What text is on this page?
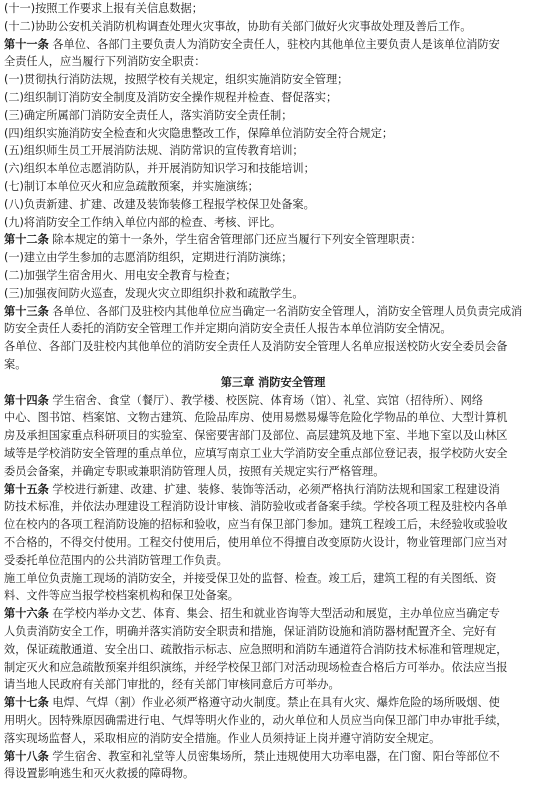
(十一)按照工作要求上报有关信息数据；
(十二)协助公安机关消防机构调查处理火灾事故，协助有关部门做好火灾事故处理及善后工作。
第十一条 各单位、各部门主要负责人为消防安全责任人，驻校内其他单位主要负责人是该单位消防安
全责任人，应当履行下列消防安全职责：
(一)贯彻执行消防法规，按照学校有关规定，组织实施消防安全管理；
(二)组织制订消防安全制度及消防安全操作规程并检查、督促落实；
(三)确定所属部门消防安全责任人，落实消防安全责任制；
(四)组织实施消防安全检查和火灾隐患整改工作，保障单位消防安全符合规定；
(五)组织师生员工开展消防法规、消防常识的宣传教育培训；
(六)组织本单位志愿消防队，并开展消防知识学习和技能培训；
(七)制订本单位灭火和应急疏散预案，并实施演练；
(八)负责新建、扩建、改建及装饰装修工程报学校保卫处备案。
(九)将消防安全工作纳入单位内部的检查、考核、评比。
第十二条 除本规定的第十一条外，学生宿舍管理部门还应当履行下列安全管理职责：
(一)建立由学生参加的志愿消防组织，定期进行消防演练；
(二)加强学生宿舍用火、用电安全教育与检查；
(三)加强夜间防火巡查，发现火灾立即组织扑救和疏散学生。
第十三条 各单位、各部门及驻校内其他单位应当确定一名消防安全管理人，消防安全管理人员负责完成消
防安全责任人委托的消防安全管理工作并定期向消防安全责任人报告本单位消防安全情况。
各单位、各部门及驻校内其他单位的消防安全责任人及消防安全管理人名单应报送校防火安全委员会备
案。
第三章 消防安全管理
第十四条 学生宿舍、食堂（餐厅）、教学楼、校医院、体育场（馆）、礼堂、宾馆（招待所）、网络
中心、图书馆、档案馆、文物古建筑、危险品库房、使用易燃易爆等危险化学物品的单位、大型计算机
房及承担国家重点科研项目的实验室、保密要害部门及部位、高层建筑及地下室、半地下室以及山林区
域等是学校消防安全管理的重点单位，应填写南京工业大学消防安全重点部位登记表，报学校防火安全
委员会备案，并确定专职或兼职消防管理人员，按照有关规定实行严格管理。
第十五条 学校进行新建、改建、扩建、装修、装饰等活动，必须严格执行消防法规和国家工程建设消
防技术标准，并依法办理建设工程消防设计审核、消防验收或者备案手续。学校各项工程及驻校内各单
位在校内的各项工程消防设施的招标和验收，应当有保卫部门参加。建筑工程竣工后，未经验收或验收
不合格的，不得交付使用。工程交付使用后，使用单位不得擅自改变原防火设计，物业管理部门应当对
受委托单位范围内的公共消防管理工作负责。
施工单位负责施工现场的消防安全，并接受保卫处的监督、检查。竣工后，建筑工程的有关图纸、资
料、文件等应当报学校档案机构和保卫处备案。
第十六条 在学校内举办文艺、体育、集会、招生和就业咨询等大型活动和展览，主办单位应当确定专
人负责消防安全工作，明确并落实消防安全职责和措施，保证消防设施和消防器材配置齐全、完好有
效，保证疏散通道、安全出口、疏散指示标志、应急照明和消防车通道符合消防技术标准和管理规定，
制定灭火和应急疏散预案并组织演练，并经学校保卫部门对活动现场检查合格后方可举办。依法应当报
请当地人民政府有关部门审批的，经有关部门审核同意后方可举办。
第十七条 电焊、气焊（割）作业必须严格遵守动火制度。禁止在具有火灾、爆炸危险的场所吸烟、使
用明火。因特殊原因确需进行电、气焊等明火作业的，动火单位和人员应当向保卫部门申办审批手续，
落实现场监督人，采取相应的消防安全措施。作业人员须持证上岗并遵守消防安全规定。
第十八条 学生宿舍、教室和礼堂等人员密集场所，禁止违规使用大功率电器，在门窗、阳台等部位不
得设置影响逃生和灭火救援的障碍物。
